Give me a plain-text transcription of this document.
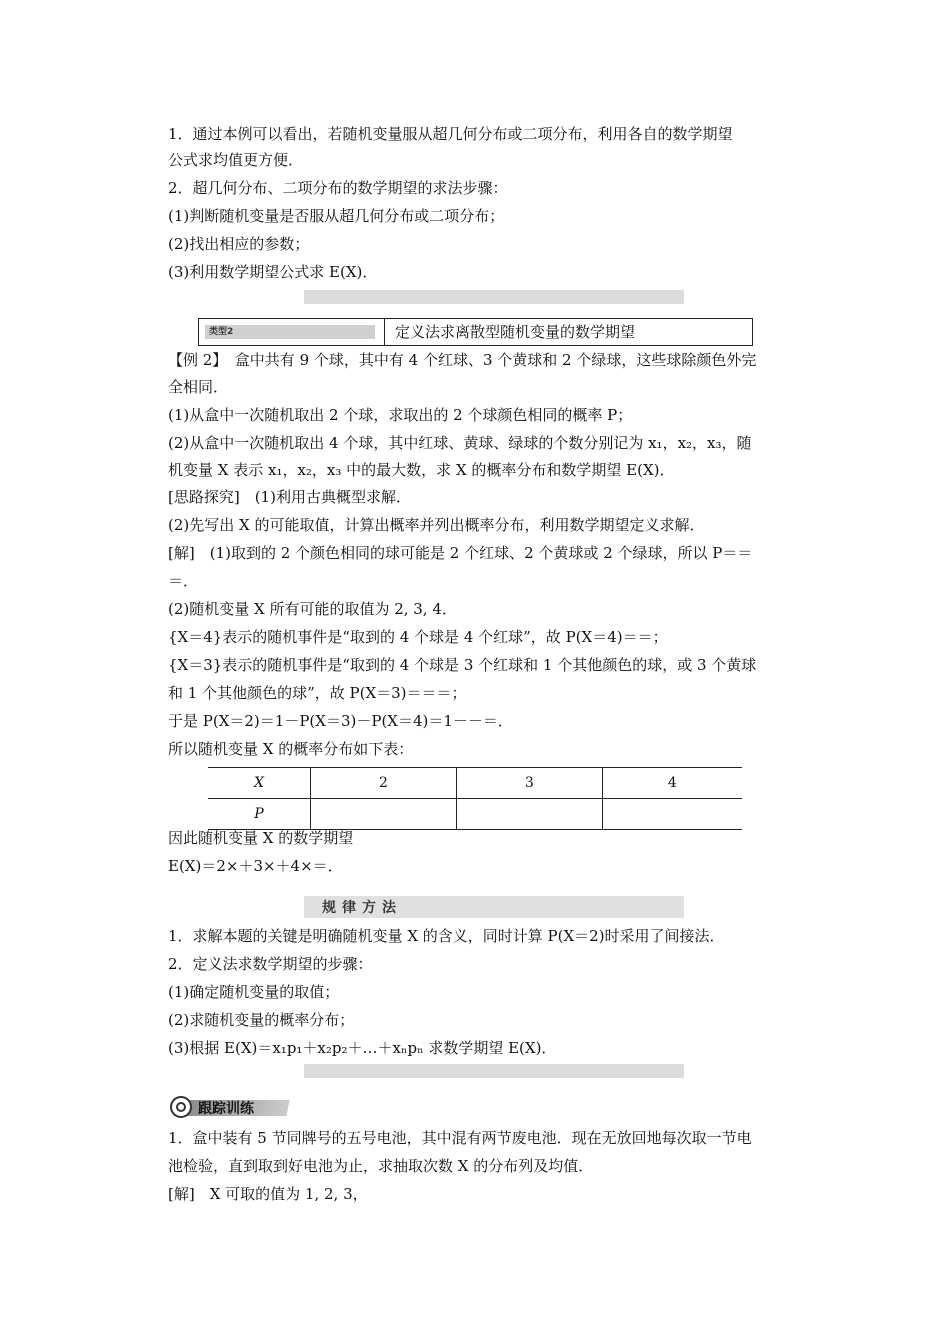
1．通过本例可以看出，若随机变量服从超几何分布或二项分布，利用各自的数学期望
公式求均值更方便．
2．超几何分布、二项分布的数学期望的求法步骤：
(1)判断随机变量是否服从超几何分布或二项分布；
(2)找出相应的参数；
(3)利用数学期望公式求 E(X)．
类型2	定义法求离散型随机变量的数学期望
【例 2】　盒中共有 9 个球，其中有 4 个红球、3 个黄球和 2 个绿球，这些球除颜色外完
全相同．
(1)从盒中一次随机取出 2 个球，求取出的 2 个球颜色相同的概率 P；
(2)从盒中一次随机取出 4 个球，其中红球、黄球、绿球的个数分别记为 x₁，x₂，x₃，随
机变量 X 表示 x₁，x₂，x₃ 中的最大数，求 X 的概率分布和数学期望 E(X)．
[思路探究]　(1)利用古典概型求解．
(2)先写出 X 的可能取值，计算出概率并列出概率分布，利用数学期望定义求解．
[解]　(1)取到的 2 个颜色相同的球可能是 2 个红球、2 个黄球或 2 个绿球，所以 P＝＝
＝．
(2)随机变量 X 所有可能的取值为 2, 3, 4．
{X＝4}表示的随机事件是“取到的 4 个球是 4 个红球”，故 P(X＝4)＝＝；
{X＝3}表示的随机事件是“取到的 4 个球是 3 个红球和 1 个其他颜色的球，或 3 个黄球
和 1 个其他颜色的球”，故 P(X＝3)＝＝＝；
于是 P(X＝2)＝1－P(X＝3)－P(X＝4)＝1－－＝．
所以随机变量 X 的概率分布如下表：
X	2	3	4
P			
因此随机变量 X 的数学期望
E(X)＝2×＋3×＋4×＝．
规律方法
1．求解本题的关键是明确随机变量 X 的含义，同时计算 P(X＝2)时采用了间接法．
2．定义法求数学期望的步骤：
(1)确定随机变量的取值；
(2)求随机变量的概率分布；
(3)根据 E(X)＝x₁p₁＋x₂p₂＋…＋xₙpₙ 求数学期望 E(X)．
跟踪训练
1．盒中装有 5 节同牌号的五号电池，其中混有两节废电池．现在无放回地每次取一节电
池检验，直到取到好电池为止，求抽取次数 X 的分布列及均值．
[解]　X 可取的值为 1, 2, 3，
